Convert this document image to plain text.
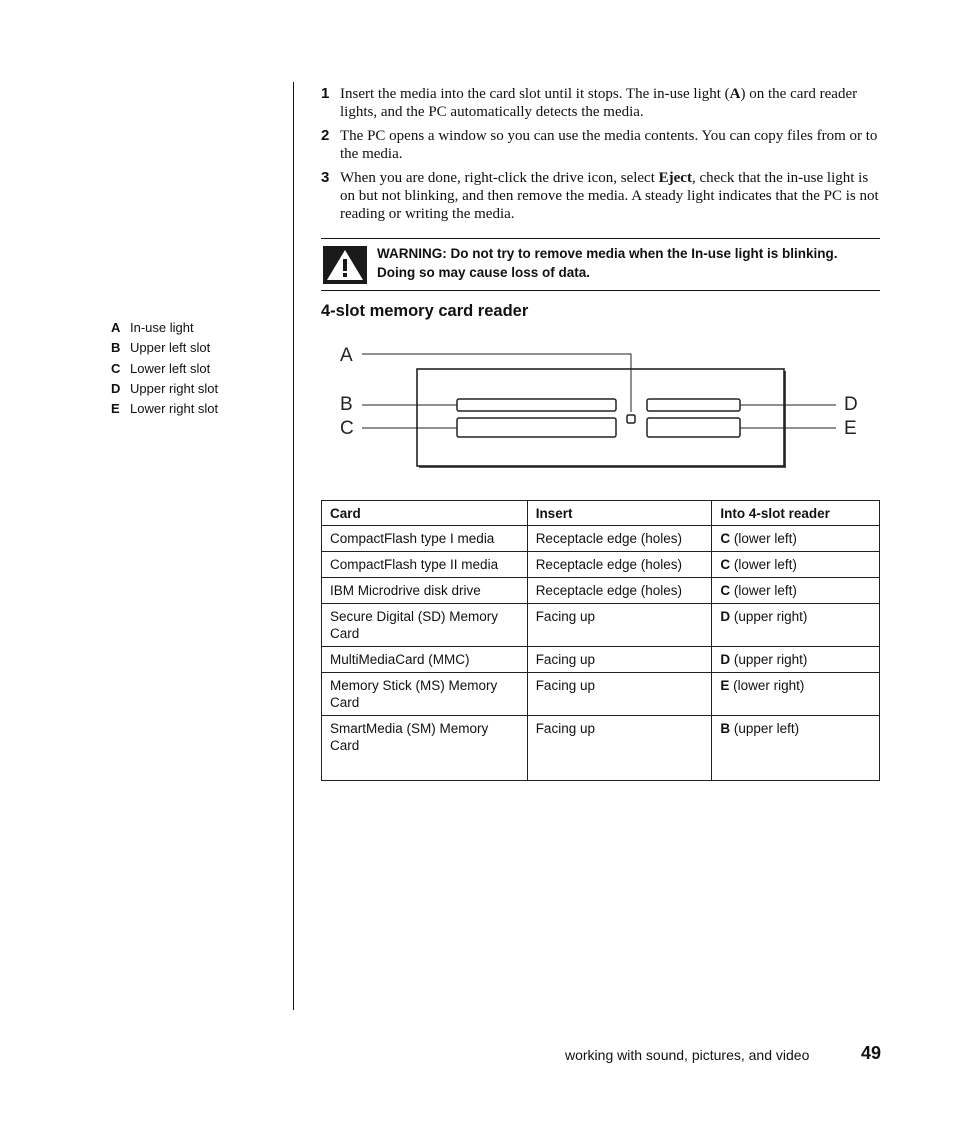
A In-use light
B Upper left slot
C Lower left slot
D Upper right slot
E Lower right slot
1 Insert the media into the card slot until it stops. The in-use light (A) on the card reader lights, and the PC automatically detects the media.
2 The PC opens a window so you can use the media contents. You can copy files from or to the media.
3 When you are done, right-click the drive icon, select Eject, check that the in-use light is on but not blinking, and then remove the media. A steady light indicates that the PC is not reading or writing the media.
WARNING: Do not try to remove media when the In-use light is blinking. Doing so may cause loss of data.
4-slot memory card reader
A
B
C
D
E
Card	Insert	Into 4-slot reader
CompactFlash type I media	Receptacle edge (holes)	C (lower left)
CompactFlash type II media	Receptacle edge (holes)	C (lower left)
IBM Microdrive disk drive	Receptacle edge (holes)	C (lower left)
Secure Digital (SD) Memory Card	Facing up	D (upper right)
MultiMediaCard (MMC)	Facing up	D (upper right)
Memory Stick (MS) Memory Card	Facing up	E (lower right)
SmartMedia (SM) Memory Card	Facing up	B (upper left)
working with sound, pictures, and video	49
